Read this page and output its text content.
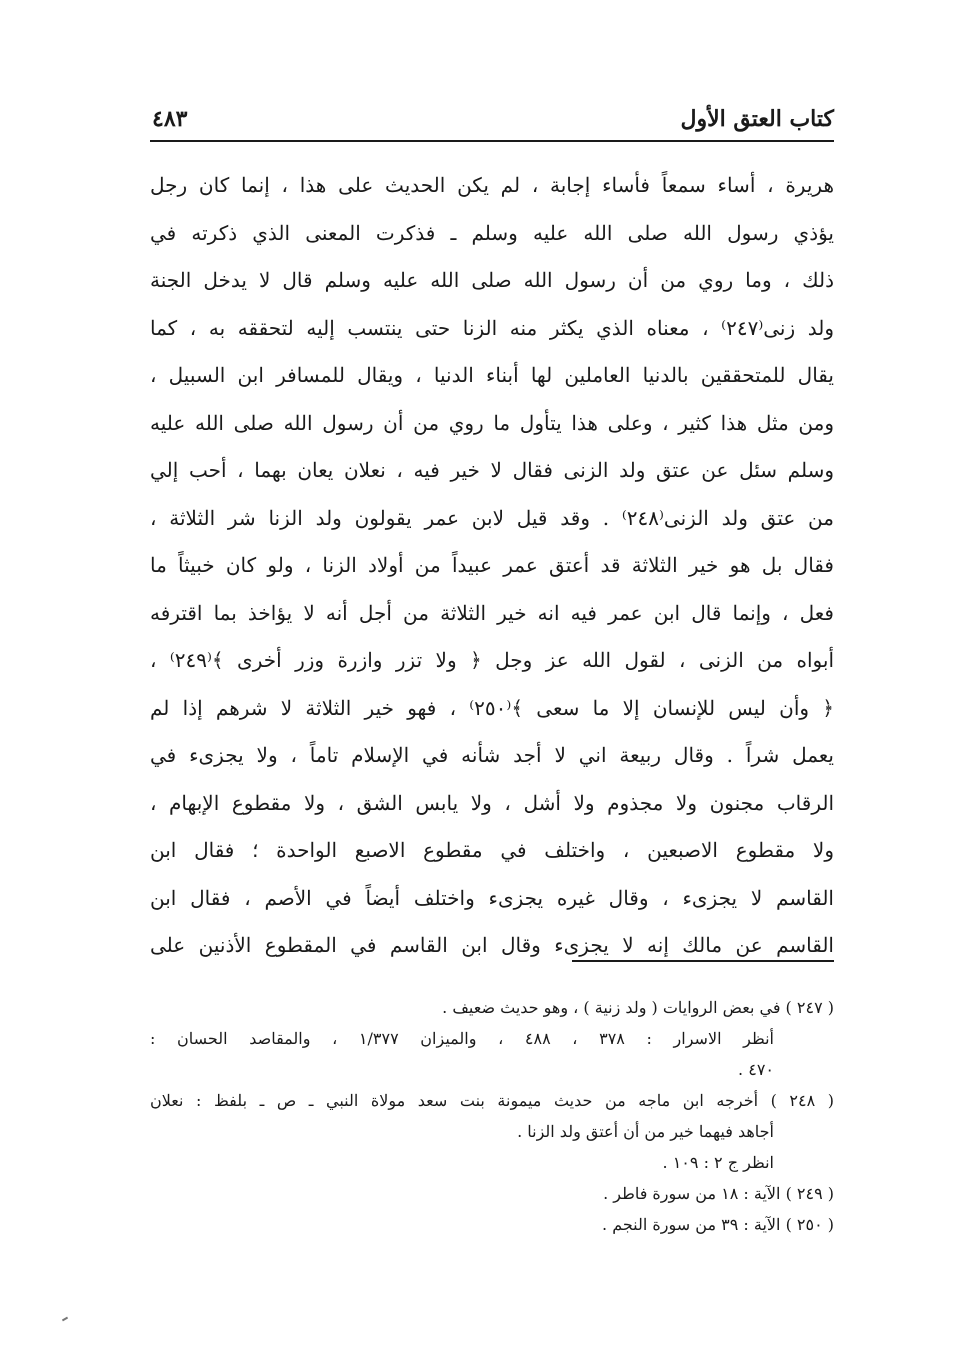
كتاب العتق الأول
٤٨٣
هريرة ، أساء سمعاً فأساء إجابة ، لم يكن الحديث على هذا ، إنما كان رجل
يؤذي رسول الله صلى الله عليه وسلم ـ فذكرت المعنى الذي ذكرته في
ذلك ، وما روي من أن رسول الله صلى الله عليه وسلم قال لا يدخل الجنة
ولد زنى⁽٢٤٧⁾ ، معناه الذي يكثر منه الزنا حتى ينتسب إليه لتحققه به ، كما
يقال للمتحققين بالدنيا العاملين لها أبناء الدنيا ، ويقال للمسافر ابن السبيل ،
ومن مثل هذا كثير ، وعلى هذا يتأول ما روي من أن رسول الله صلى الله عليه
وسلم سئل عن عتق ولد الزنى فقال لا خير فيه ، نعلان يعان بهما ، أحب إلي
من عتق ولد الزنى⁽٢٤٨⁾ . وقد قيل لابن عمر يقولون ولد الزنا شر الثلاثة ،
فقال بل هو خير الثلاثة قد أعتق عمر عبيداً من أولاد الزنا ، ولو كان خبيثاً ما
فعل ، وإنما قال ابن عمر فيه انه خير الثلاثة من أجل أنه لا يؤاخذ بما اقترفه
أبواه من الزنى ، لقول الله عز وجل ﴿ ولا تزر وازرة وزر أخرى ﴾⁽٢٤٩⁾ ،
﴿ وأن ليس للإنسان إلا ما سعى ﴾⁽٢٥٠⁾ ، فهو خير الثلاثة لا شرهم إذا لم
يعمل شراً . وقال ربيعة اني لا أجد شأنه في الإسلام تاماً ، ولا يجزىء في
الرقاب مجنون ولا مجذوم ولا أشل ، ولا يابس الشق ، ولا مقطوع الإبهام ،
ولا مقطوع الاصبعين ، واختلف في مقطوع الاصبع الواحدة ؛ فقال ابن
القاسم لا يجزىء ، وقال غيره يجزىء واختلف أيضاً في الأصم ، فقال ابن
القاسم عن مالك إنه لا يجزىء وقال ابن القاسم في المقطوع الأذنين على
( ٢٤٧ ) في بعض الروايات ( ولد زنية ) ، وهو حديث ضعيف .
أنظر الاسرار : ٣٧٨ ، ٤٨٨ ، والميزان ١/٣٧٧ ، والمقاصد الحسان :
٤٧٠ .
( ٢٤٨ ) أخرجه ابن ماجه من حديث ميمونة بنت سعد مولاة النبي ـ ص ـ بلفظ : نعلان
أجاهد فيهما خير من أن أعتق ولد الزنا .
انظر ج ٢ : ١٠٩ .
( ٢٤٩ ) الآية : ١٨ من سورة فاطر .
( ٢٥٠ ) الآية : ٣٩ من سورة النجم .
